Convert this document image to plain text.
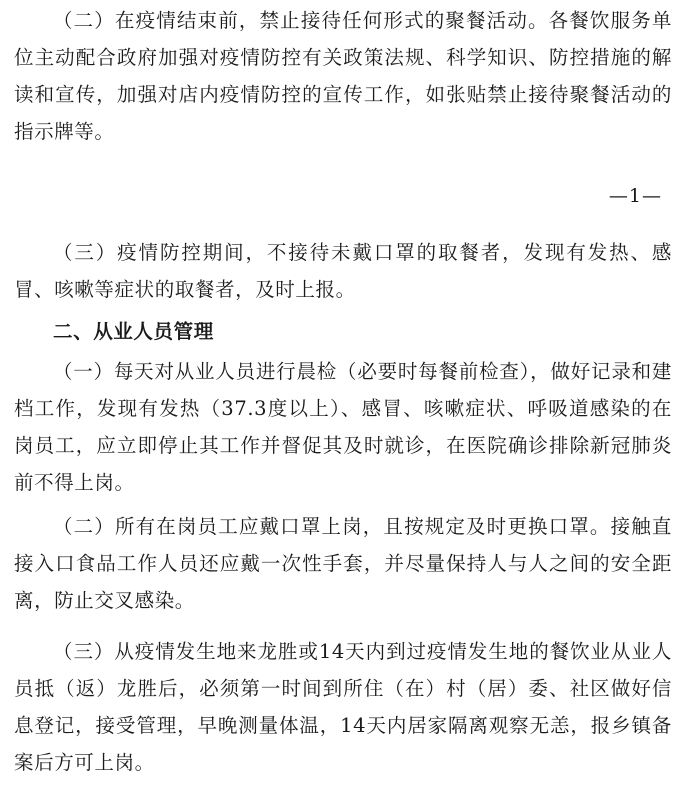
（二）在疫情结束前，禁止接待任何形式的聚餐活动。各餐饮服务单位主动配合政府加强对疫情防控有关政策法规、科学知识、防控措施的解读和宣传，加强对店内疫情防控的宣传工作，如张贴禁止接待聚餐活动的指示牌等。

—1—

（三）疫情防控期间，不接待未戴口罩的取餐者，发现有发热、感冒、咳嗽等症状的取餐者，及时上报。

二、从业人员管理

（一）每天对从业人员进行晨检（必要时每餐前检查），做好记录和建档工作，发现有发热（37.3度以上）、感冒、咳嗽症状、呼吸道感染的在岗员工，应立即停止其工作并督促其及时就诊，在医院确诊排除新冠肺炎前不得上岗。

（二）所有在岗员工应戴口罩上岗，且按规定及时更换口罩。接触直接入口食品工作人员还应戴一次性手套，并尽量保持人与人之间的安全距离，防止交叉感染。

（三）从疫情发生地来龙胜或14天内到过疫情发生地的餐饮业从业人员抵（返）龙胜后，必须第一时间到所住（在）村（居）委、社区做好信息登记，接受管理，早晚测量体温，14天内居家隔离观察无恙，报乡镇备案后方可上岗。
